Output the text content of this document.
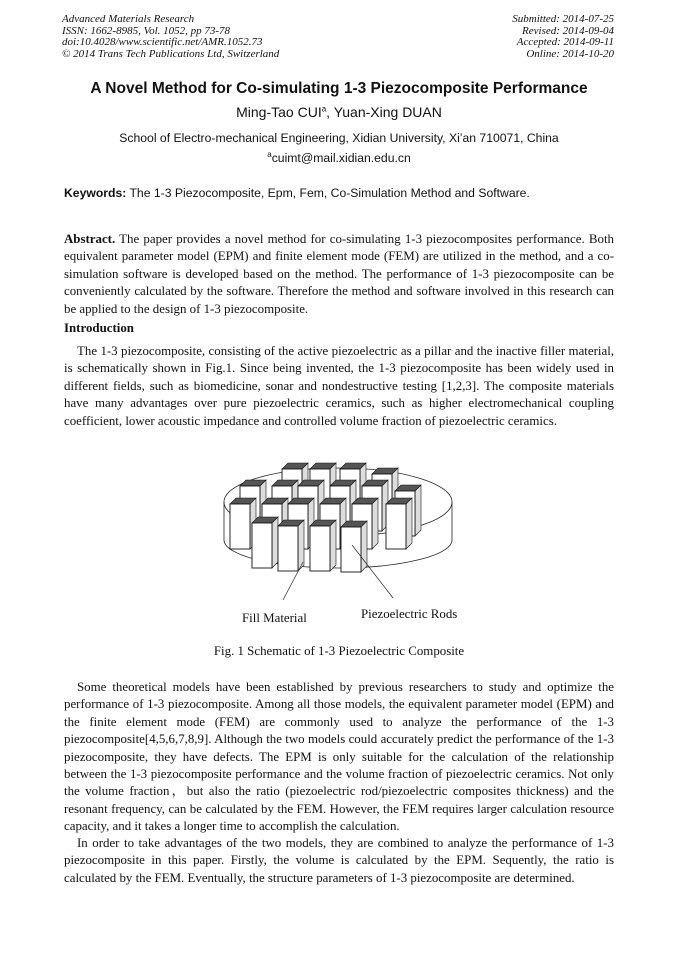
Advanced Materials Research
ISSN: 1662-8985, Vol. 1052, pp 73-78
doi:10.4028/www.scientific.net/AMR.1052.73
© 2014 Trans Tech Publications Ltd, Switzerland
Submitted: 2014-07-25
Revised: 2014-09-04
Accepted: 2014-09-11
Online: 2014-10-20
A Novel Method for Co-simulating 1-3 Piezocomposite Performance
Ming-Tao CUI$^a$, Yuan-Xing DUAN
School of Electro-mechanical Engineering, Xidian University, Xi’an 710071, China
$^a$cuimt@mail.xidian.edu.cn
Keywords: The 1-3 Piezocomposite, Epm, Fem, Co-Simulation Method and Software.
Abstract. The paper provides a novel method for co-simulating 1-3 piezocomposites performance. Both equivalent parameter model (EPM) and finite element mode (FEM) are utilized in the method, and a co-simulation software is developed based on the method. The performance of 1-3 piezocomposite can be conveniently calculated by the software. Therefore the method and software involved in this research can be applied to the design of 1-3 piezocomposite.
Introduction
The 1-3 piezocomposite, consisting of the active piezoelectric as a pillar and the inactive filler material, is schematically shown in Fig.1. Since being invented, the 1-3 piezocomposite has been widely used in different fields, such as biomedicine, sonar and nondestructive testing [1,2,3]. The composite materials have many advantages over pure piezoelectric ceramics, such as higher electromechanical coupling coefficient, lower acoustic impedance and controlled volume fraction of piezoelectric ceramics.
Fill Material	Piezoelectric Rods
Fig. 1 Schematic of 1-3 Piezoelectric Composite
Some theoretical models have been established by previous researchers to study and optimize the performance of 1-3 piezocomposite. Among all those models, the equivalent parameter model (EPM) and the finite element mode (FEM) are commonly used to analyze the performance of the 1-3 piezocomposite[4,5,6,7,8,9]. Although the two models could accurately predict the performance of the 1-3 piezocomposite, they have defects. The EPM is only suitable for the calculation of the relationship between the 1-3 piezocomposite performance and the volume fraction of piezoelectric ceramics. Not only the volume fraction，but also the ratio (piezoelectric rod/piezoelectric composites thickness) and the resonant frequency, can be calculated by the FEM. However, the FEM requires larger calculation resource capacity, and it takes a longer time to accomplish the calculation.
In order to take advantages of the two models, they are combined to analyze the performance of 1-3 piezocomposite in this paper. Firstly, the volume is calculated by the EPM. Sequently, the ratio is calculated by the FEM. Eventually, the structure parameters of 1-3 piezocomposite are determined.
